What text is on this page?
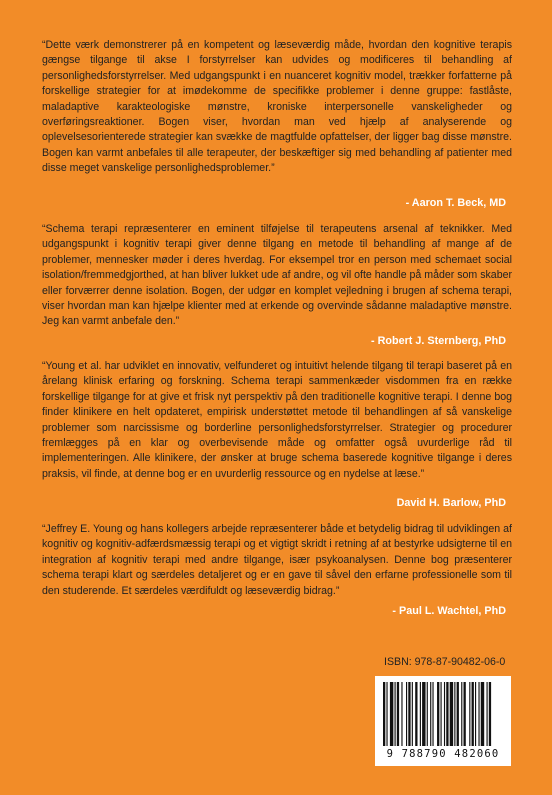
“Dette værk demonstrerer på en kompetent og læseværdig måde, hvordan den kognitive terapis gængse tilgange til akse I forstyrrelser kan udvides og modificeres til behandling af personlighedsforstyrrelser. Med udgangspunkt i en nuanceret kognitiv model, trækker forfatterne på forskellige strategier for at imødekomme de specifikke problemer i denne gruppe: fastlåste, maladaptive karakteologiske mønstre, kroniske interpersonelle vanskeligheder og overføringsreaktioner. Bogen viser, hvordan man ved hjælp af analyserende og oplevelsesorienterede strategier kan svække de magtfulde opfattelser, der ligger bag disse mønstre. Bogen kan varmt anbefales til alle terapeuter, der beskæftiger sig med behandling af patienter med disse meget vanskelige personlighedsproblemer.”

- Aaron T. Beck, MD

“Schema terapi repræsenterer en eminent tilføjelse til terapeutens arsenal af teknikker. Med udgangspunkt i kognitiv terapi giver denne tilgang en metode til behandling af mange af de problemer, mennesker møder i deres hverdag. For eksempel tror en person med schemaet social isolation/fremmedgjorthed, at han bliver lukket ude af andre, og vil ofte handle på måder som skaber eller forværrer denne isolation. Bogen, der udgør en komplet vejledning i brugen af schema terapi, viser hvordan man kan hjælpe klienter med at erkende og overvinde sådanne maladaptive mønstre. Jeg kan varmt anbefale den.”

- Robert J. Sternberg, PhD

“Young et al. har udviklet en innovativ, velfunderet og intuitivt helende tilgang til terapi baseret på en årelang klinisk erfaring og forskning. Schema terapi sammenkæder visdommen fra en række forskellige tilgange for at give et frisk nyt perspektiv på den traditionelle kognitive terapi. I denne bog finder klinikere en helt opdateret, empirisk understøttet metode til behandlingen af så vanskelige problemer som narcissisme og borderline personlighedsforstyrrelser. Strategier og procedurer fremlægges på en klar og overbevisende måde og omfatter også uvurderlige råd til implementeringen. Alle klinikere, der ønsker at bruge schema baserede kognitive tilgange i deres praksis, vil finde, at denne bog er en uvurderlig ressource og en nydelse at læse.”

David H. Barlow, PhD

“Jeffrey E. Young og hans kollegers arbejde repræsenterer både et betydelig bidrag til udviklingen af kognitiv og kognitiv-adfærdsmæssig terapi og et vigtigt skridt i retning af at bestyrke udsigterne til en integration af kognitiv terapi med andre tilgange, især psykoanalysen. Denne bog præsenterer schema terapi klart og særdeles detaljeret og er en gave til såvel den erfarne professionelle som til den studerende. Et særdeles værdifuldt og læseværdig bidrag.”

- Paul L. Wachtel, PhD

ISBN: 978-87-90482-06-0
9 788790 482060
